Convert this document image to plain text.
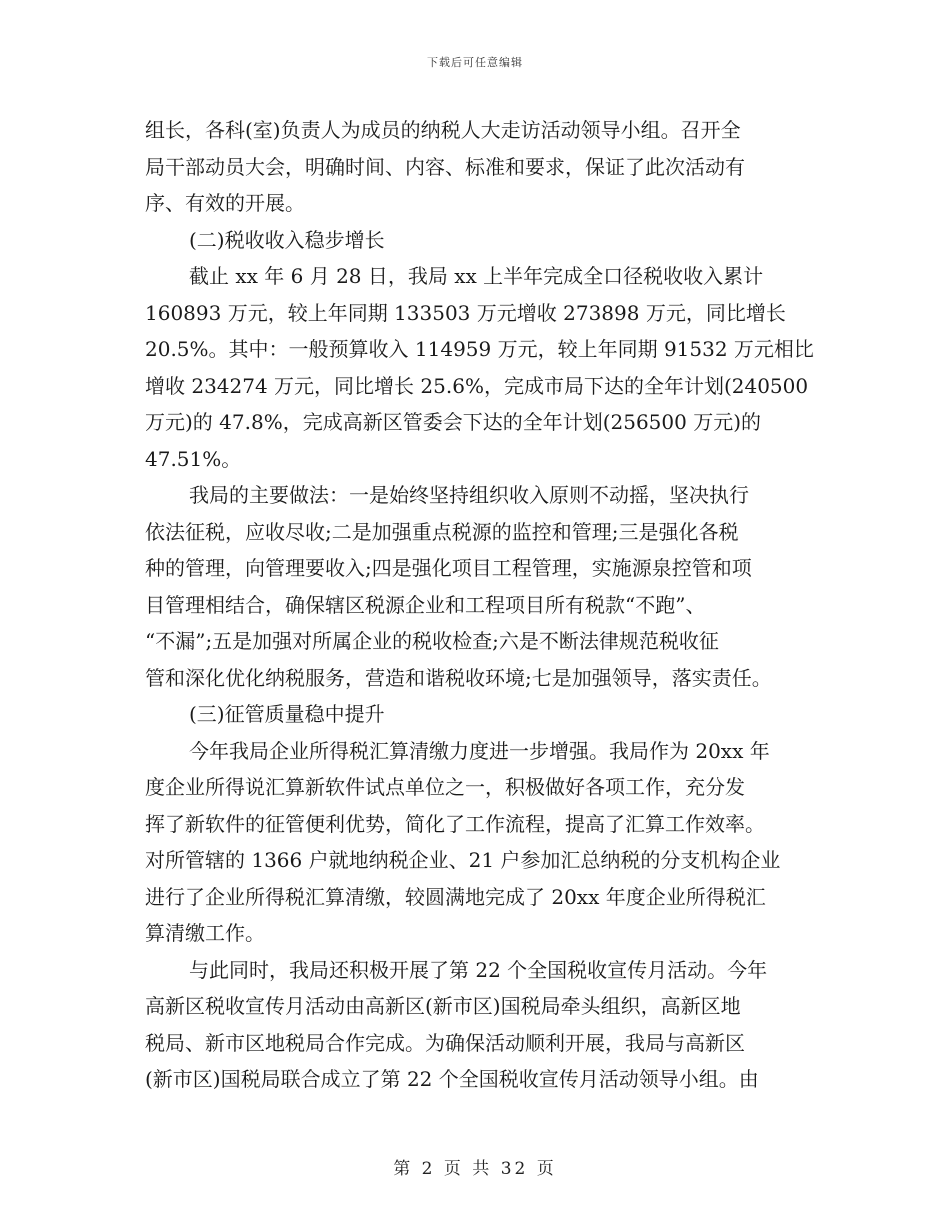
下载后可任意编辑
组长，各科(室)负责人为成员的纳税人大走访活动领导小组。召开全
局干部动员大会，明确时间、内容、标准和要求，保证了此次活动有
序、有效的开展。
(二)税收收入稳步增长
截止 xx 年 6 月 28 日，我局 xx 上半年完成全口径税收收入累计
160893 万元，较上年同期 133503 万元增收 273898 万元，同比增长
20.5%。其中：一般预算收入 114959 万元，较上年同期 91532 万元相比
增收 234274 万元，同比增长 25.6%，完成市局下达的全年计划(240500
万元)的 47.8%，完成高新区管委会下达的全年计划(256500 万元)的
47.51%。
我局的主要做法：一是始终坚持组织收入原则不动摇，坚决执行
依法征税，应收尽收;二是加强重点税源的监控和管理;三是强化各税
种的管理，向管理要收入;四是强化项目工程管理，实施源泉控管和项
目管理相结合，确保辖区税源企业和工程项目所有税款“不跑”、
“不漏”;五是加强对所属企业的税收检查;六是不断法律规范税收征
管和深化优化纳税服务，营造和谐税收环境;七是加强领导，落实责任。
(三)征管质量稳中提升
今年我局企业所得税汇算清缴力度进一步增强。我局作为 20xx 年
度企业所得说汇算新软件试点单位之一，积极做好各项工作，充分发
挥了新软件的征管便利优势，简化了工作流程，提高了汇算工作效率。
对所管辖的 1366 户就地纳税企业、21 户参加汇总纳税的分支机构企业
进行了企业所得税汇算清缴，较圆满地完成了 20xx 年度企业所得税汇
算清缴工作。
与此同时，我局还积极开展了第 22 个全国税收宣传月活动。今年
高新区税收宣传月活动由高新区(新市区)国税局牵头组织，高新区地
税局、新市区地税局合作完成。为确保活动顺利开展，我局与高新区
(新市区)国税局联合成立了第 22 个全国税收宣传月活动领导小组。由
第 2 页 共 32 页
